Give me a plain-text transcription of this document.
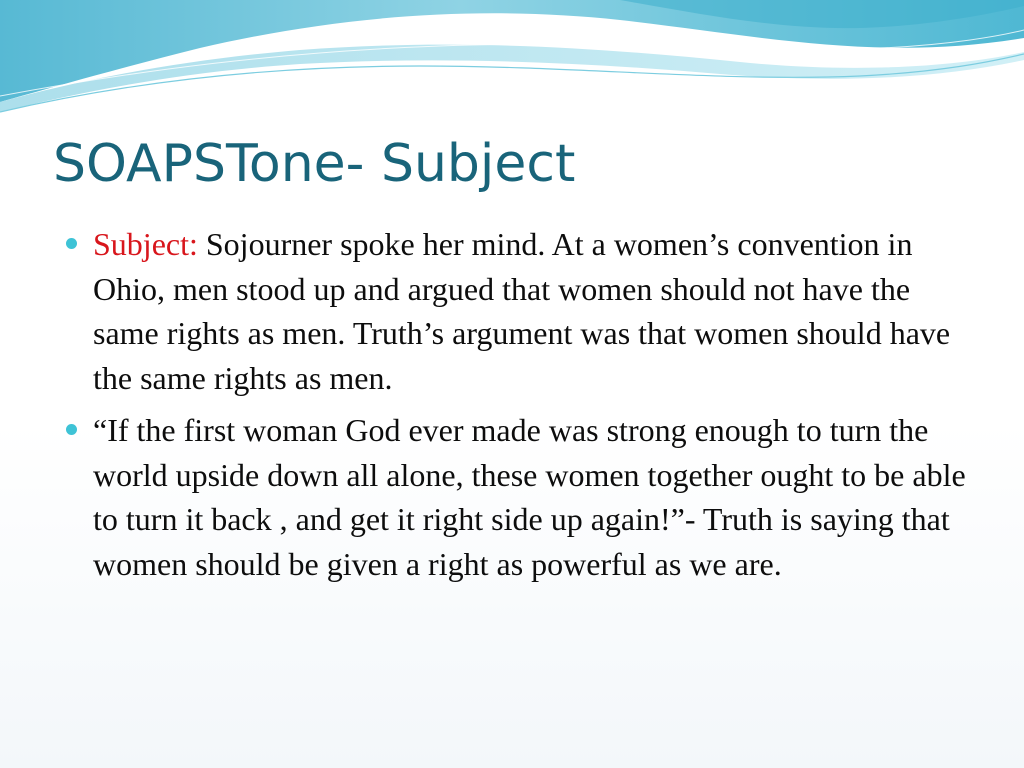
SOAPSTone- Subject
Subject: Sojourner spoke her mind. At a women’s convention in Ohio, men stood up and argued that women should not have the same rights as men. Truth’s argument was that women should have the same rights as men.
“If the first woman God ever made was strong enough to turn the world upside down all alone, these women together ought to be able to turn it back , and get it right side up again!”- Truth is saying that women should be given a right as powerful as we are.
